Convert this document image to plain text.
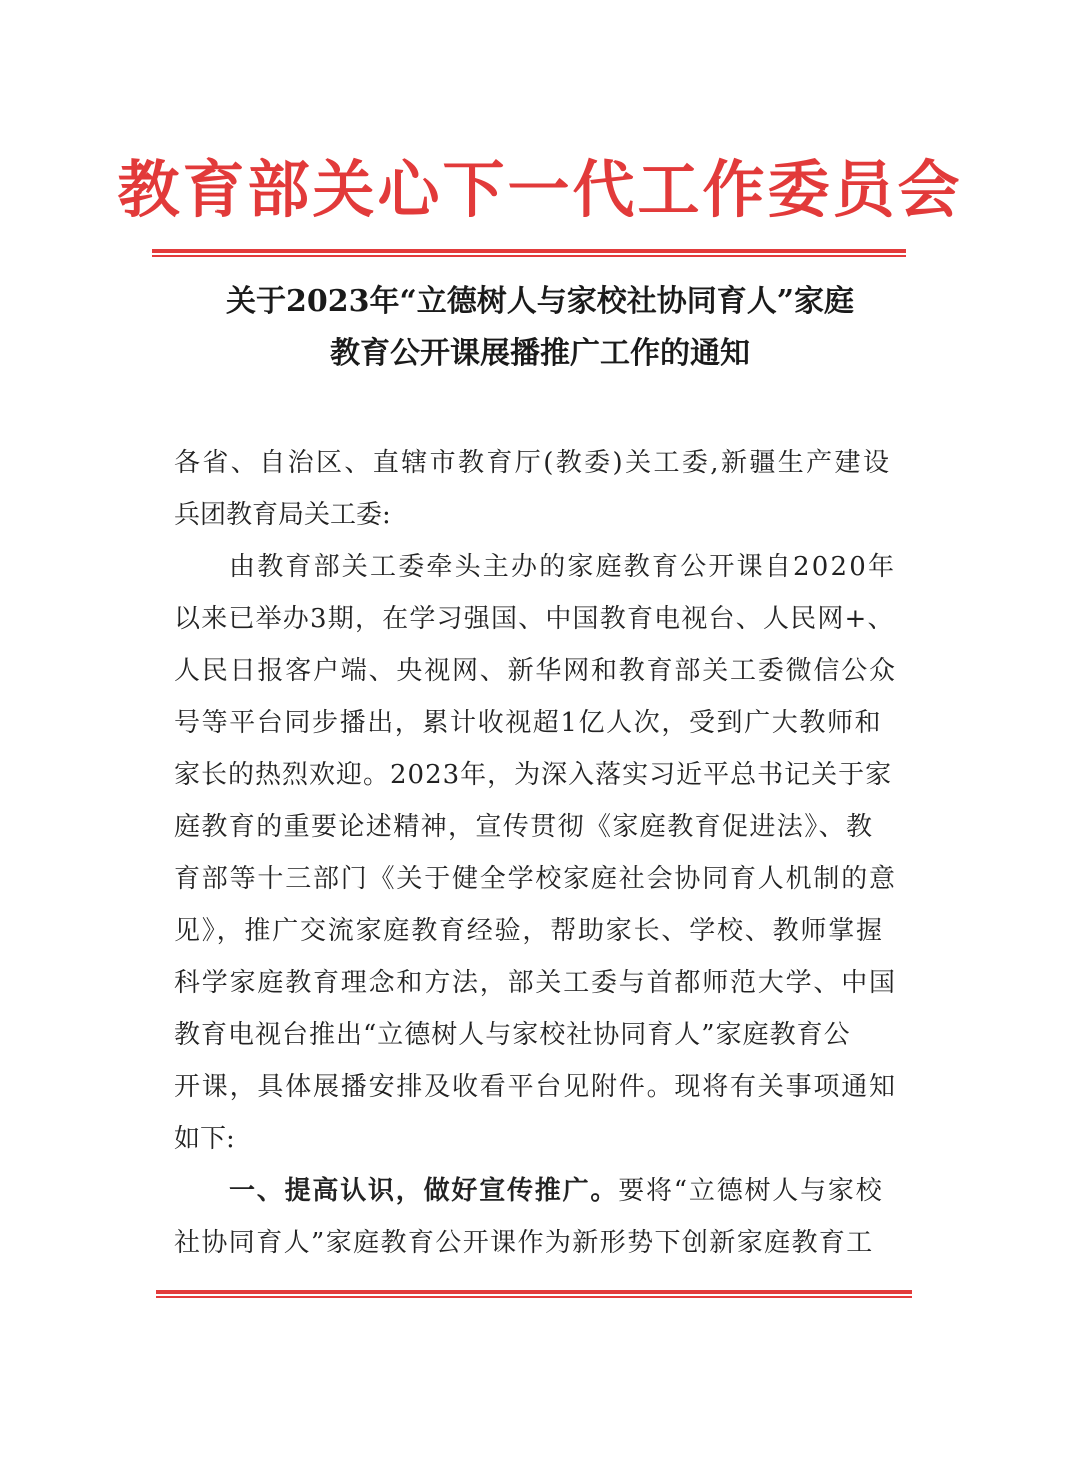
教育部关心下一代工作委员会
关于2023年“立德树人与家校社协同育人”家庭
教育公开课展播推广工作的通知
各省、自治区、直辖市教育厅(教委)关工委,新疆生产建设
兵团教育局关工委:
由教育部关工委牵头主办的家庭教育公开课自2020年
以来已举办3期，在学习强国、中国教育电视台、人民网+、
人民日报客户端、央视网、新华网和教育部关工委微信公众
号等平台同步播出，累计收视超1亿人次，受到广大教师和
家长的热烈欢迎。2023年，为深入落实习近平总书记关于家
庭教育的重要论述精神，宣传贯彻《家庭教育促进法》、教
育部等十三部门《关于健全学校家庭社会协同育人机制的意
见》，推广交流家庭教育经验，帮助家长、学校、教师掌握
科学家庭教育理念和方法，部关工委与首都师范大学、中国
教育电视台推出“立德树人与家校社协同育人”家庭教育公
开课，具体展播安排及收看平台见附件。现将有关事项通知
如下:
一、提高认识，做好宣传推广。要将“立德树人与家校
社协同育人”家庭教育公开课作为新形势下创新家庭教育工
